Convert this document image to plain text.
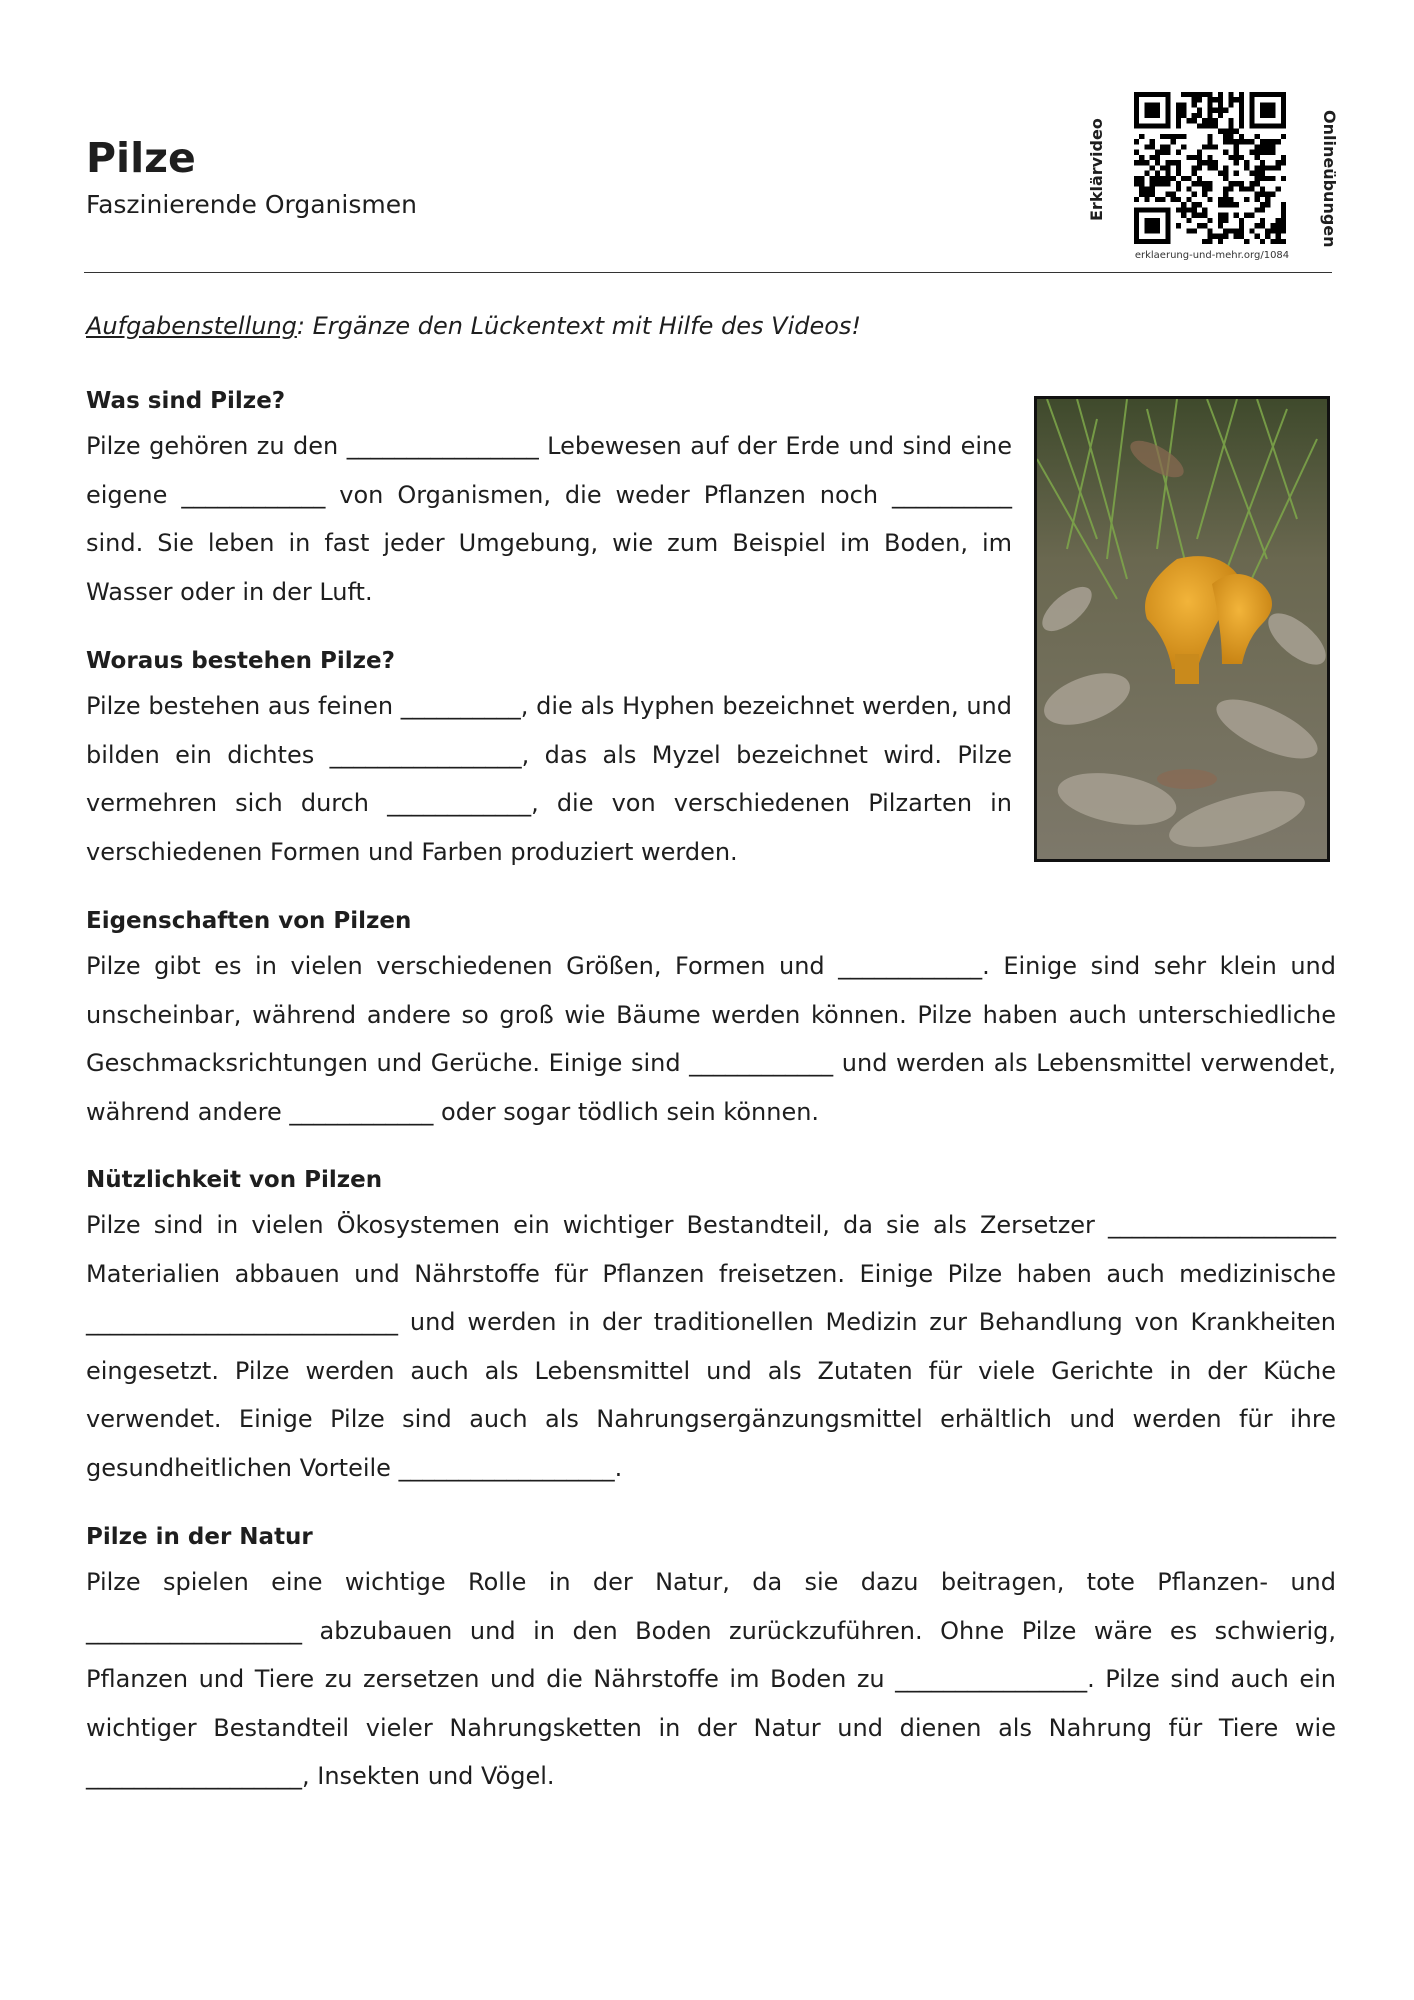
Pilze
Faszinierende Organismen	Erklärvideo	Onlineübungen
erklaerung-und-mehr.org/1084

Aufgabenstellung: Ergänze den Lückentext mit Hilfe des Videos!

Was sind Pilze?

Pilze gehören zu den ________________ Lebewesen auf der Erde und sind eine eigene ____________ von Organismen, die weder Pflanzen noch __________ sind. Sie leben in fast jeder Umgebung, wie zum Beispiel im Boden, im Wasser oder in der Luft.

Woraus bestehen Pilze?

Pilze bestehen aus feinen __________, die als Hyphen bezeichnet werden, und bilden ein dichtes ________________, das als Myzel bezeichnet wird. Pilze vermehren sich durch ____________, die von verschiedenen Pilzarten in verschiedenen Formen und Farben produziert werden.

Eigenschaften von Pilzen

Pilze gibt es in vielen verschiedenen Größen, Formen und ____________. Einige sind sehr klein und unscheinbar, während andere so groß wie Bäume werden können. Pilze haben auch unterschiedliche Geschmacksrichtungen und Gerüche. Einige sind ____________ und werden als Lebensmittel verwendet, während andere ____________ oder sogar tödlich sein können.

Nützlichkeit von Pilzen

Pilze sind in vielen Ökosystemen ein wichtiger Bestandteil, da sie als Zersetzer ___________________ Materialien abbauen und Nährstoffe für Pflanzen freisetzen. Einige Pilze haben auch medizinische __________________________ und werden in der traditionellen Medizin zur Behandlung von Krankheiten eingesetzt. Pilze werden auch als Lebensmittel und als Zutaten für viele Gerichte in der Küche verwendet. Einige Pilze sind auch als Nahrungsergänzungsmittel erhältlich und werden für ihre gesundheitlichen Vorteile __________________.

Pilze in der Natur

Pilze spielen eine wichtige Rolle in der Natur, da sie dazu beitragen, tote Pflanzen- und __________________ abzubauen und in den Boden zurückzuführen. Ohne Pilze wäre es schwierig, Pflanzen und Tiere zu zersetzen und die Nährstoffe im Boden zu ________________. Pilze sind auch ein wichtiger Bestandteil vieler Nahrungsketten in der Natur und dienen als Nahrung für Tiere wie __________________, Insekten und Vögel.
